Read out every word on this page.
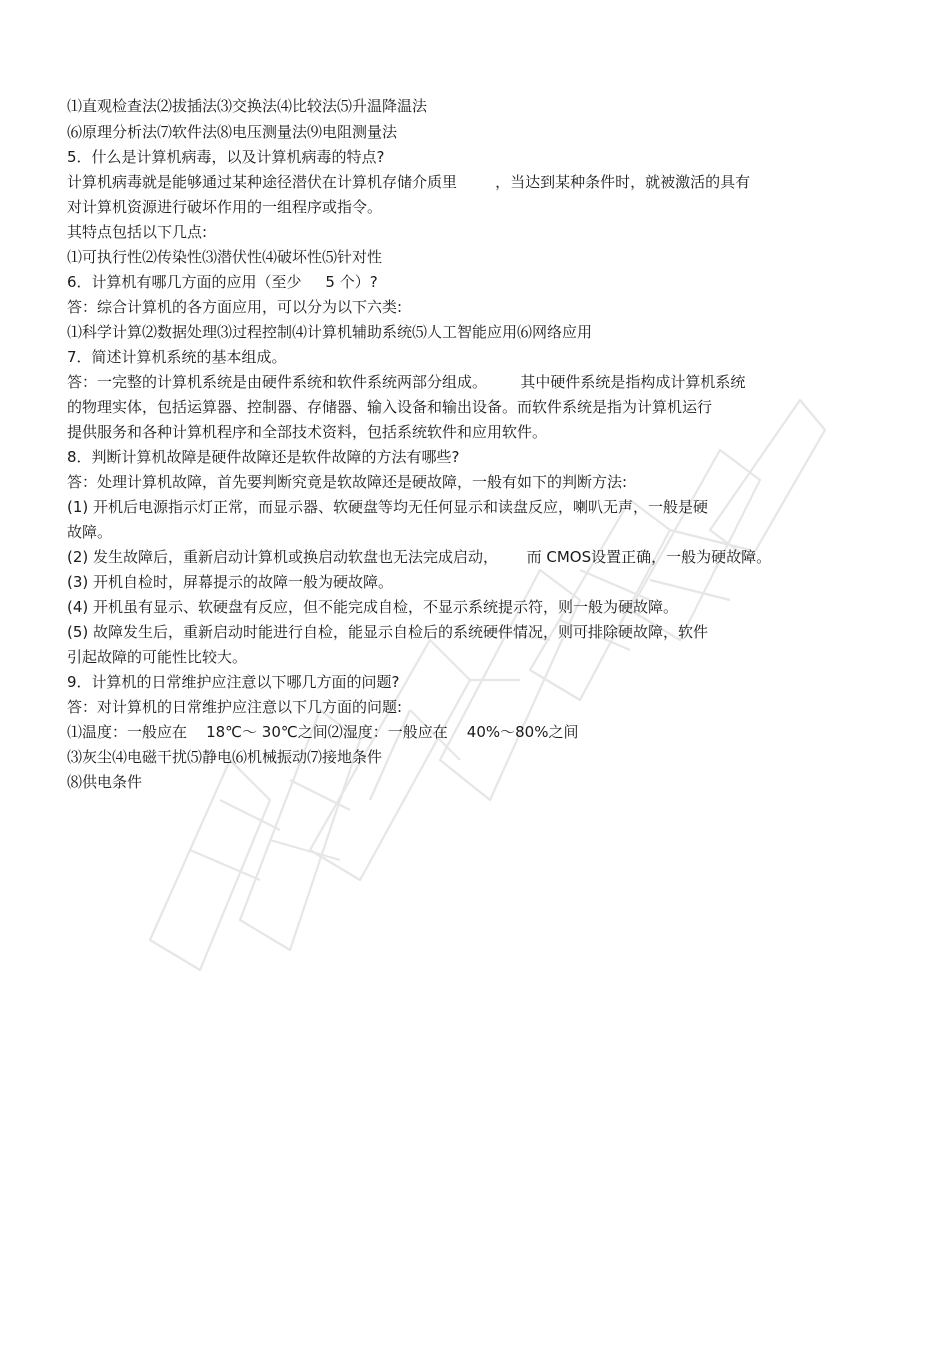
⑴直观检查法⑵拔插法⑶交换法⑷比较法⑸升温降温法
⑹原理分析法⑺软件法⑻电压测量法⑼电阻测量法
5．什么是计算机病毒，以及计算机病毒的特点?
计算机病毒就是能够通过某种途径潜伏在计算机存储介质里        ，当达到某种条件时，就被激活的具有
对计算机资源进行破坏作用的一组程序或指令。
其特点包括以下几点:
⑴可执行性⑵传染性⑶潜伏性⑷破坏性⑸针对性
6．计算机有哪几方面的应用（至少     5 个）?
答：综合计算机的各方面应用，可以分为以下六类:
⑴科学计算⑵数据处理⑶过程控制⑷计算机辅助系统⑸人工智能应用⑹网络应用
7．简述计算机系统的基本组成。
答：一完整的计算机系统是由硬件系统和软件系统两部分组成。       其中硬件系统是指构成计算机系统
的物理实体，包括运算器、控制器、存储器、输入设备和输出设备。而软件系统是指为计算机运行
提供服务和各种计算机程序和全部技术资料，包括系统软件和应用软件。
8．判断计算机故障是硬件故障还是软件故障的方法有哪些?
答：处理计算机故障，首先要判断究竟是软故障还是硬故障，一般有如下的判断方法:
(1) 开机后电源指示灯正常，而显示器、软硬盘等均无任何显示和读盘反应，喇叭无声，一般是硬
故障。
(2) 发生故障后，重新启动计算机或换启动软盘也无法完成启动，      而 CMOS设置正确，一般为硬故障。
(3) 开机自检时，屏幕提示的故障一般为硬故障。
(4) 开机虽有显示、软硬盘有反应，但不能完成自检，不显示系统提示符，则一般为硬故障。
(5) 故障发生后，重新启动时能进行自检，能显示自检后的系统硬件情况，则可排除硬故障，软件
引起故障的可能性比较大。
9．计算机的日常维护应注意以下哪几方面的问题?
答：对计算机的日常维护应注意以下几方面的问题:
⑴温度：一般应在    18℃～ 30℃之间⑵湿度：一般应在    40%～80%之间
⑶灰尘⑷电磁干扰⑸静电⑹机械振动⑺接地条件
⑻供电条件
